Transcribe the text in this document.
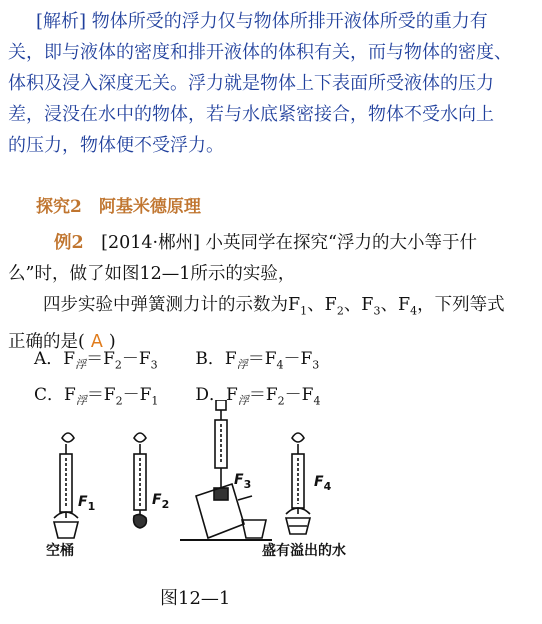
[解析] 物体所受的浮力仅与物体所排开液体所受的重力有
关，即与液体的密度和排开液体的体积有关，而与物体的密度、
体积及浸入深度无关。浮力就是物体上下表面所受液体的压力
差，浸没在水中的物体，若与水底紧密接合，物体不受水向上
的压力，物体便不受浮力。
探究2　阿基米德原理
例2　[2014·郴州] 小英同学在探究“浮力的大小等于什
么”时，做了如图12—1所示的实验，
　　四步实验中弹簧测力计的示数为$F_1$、$F_2$、$F_3$、$F_4$，下列等式
正确的是( A )
A．$F_浮=F_2-F_3$ B．$F_浮=F_4-F_3$
C．$F_浮=F_2-F_1$ D．$F_浮=F_2-F_4$
$F_1$	$F_2$
$F_3$	$F_4$
空桶	盛有溢出的水
图12—1
